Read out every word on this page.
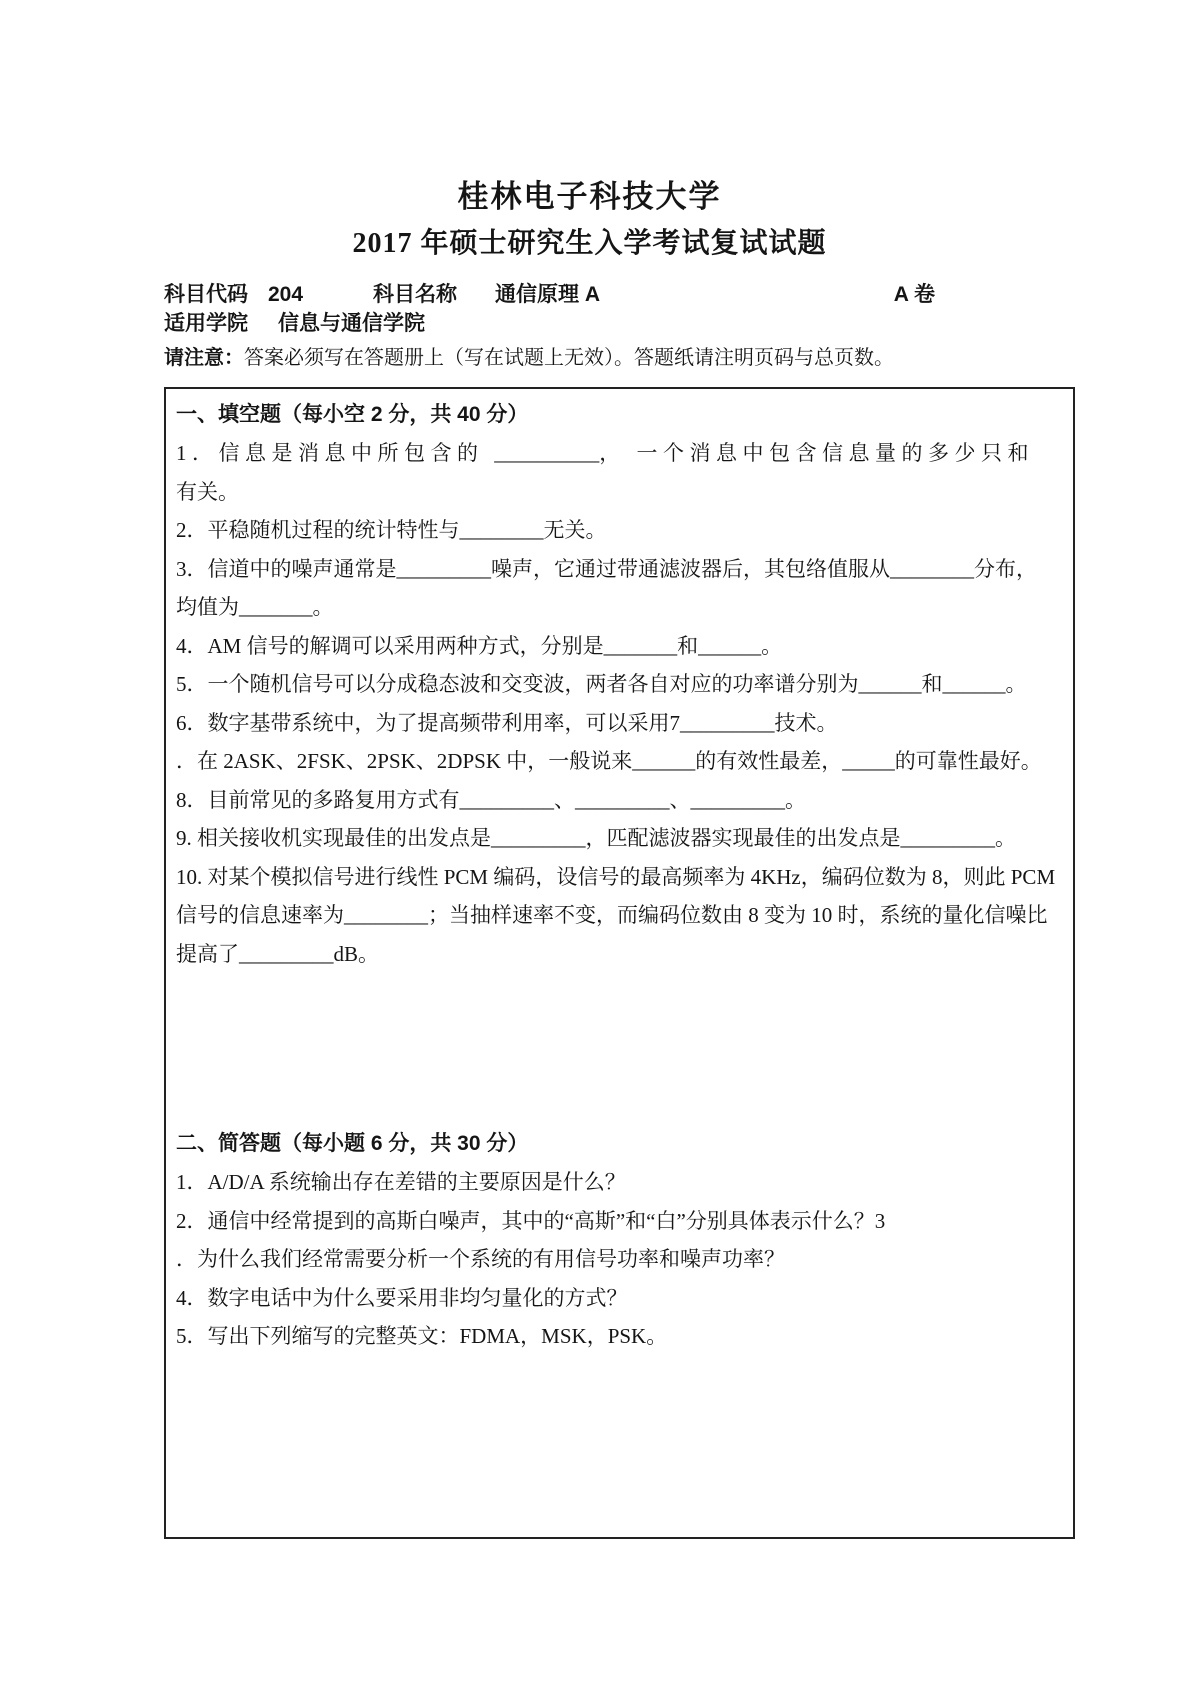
桂林电子科技大学
2017 年硕士研究生入学考试复试试题
科目代码 204	科目名称 通信原理 A	A 卷
适用学院 信息与通信学院

请注意：答案必须写在答题册上（写在试题上无效）。答题纸请注明页码与总页数。

一、填空题（每小空 2 分，共 40 分）

1．信息是消息中所包含的 __________， 一个消息中包含信息量的多少只和

有关。

2．平稳随机过程的统计特性与________无关。

3．信道中的噪声通常是_________噪声，它通过带通滤波器后，其包络值服从________分布，

均值为_______。

4．AM 信号的解调可以采用两种方式，分别是_______和______。

5．一个随机信号可以分成稳态波和交变波，两者各自对应的功率谱分别为______和______。

6．数字基带系统中，为了提高频带利用率，可以采用7_________技术。

．在 2ASK、2FSK、2PSK、2DPSK 中，一般说来______的有效性最差，_____的可靠性最好。

8．目前常见的多路复用方式有_________、_________、_________。

9. 相关接收机实现最佳的出发点是_________，匹配滤波器实现最佳的出发点是_________。

10. 对某个模拟信号进行线性 PCM 编码，设信号的最高频率为 4KHz，编码位数为 8，则此 PCM

信号的信息速率为________；当抽样速率不变，而编码位数由 8 变为 10 时，系统的量化信噪比

提高了_________dB。

二、简答题（每小题 6 分，共 30 分）

1．A/D/A 系统输出存在差错的主要原因是什么？

2．通信中经常提到的高斯白噪声，其中的“高斯”和“白”分别具体表示什么？3

．为什么我们经常需要分析一个系统的有用信号功率和噪声功率？

4．数字电话中为什么要采用非均匀量化的方式？

5．写出下列缩写的完整英文：FDMA，MSK，PSK。
